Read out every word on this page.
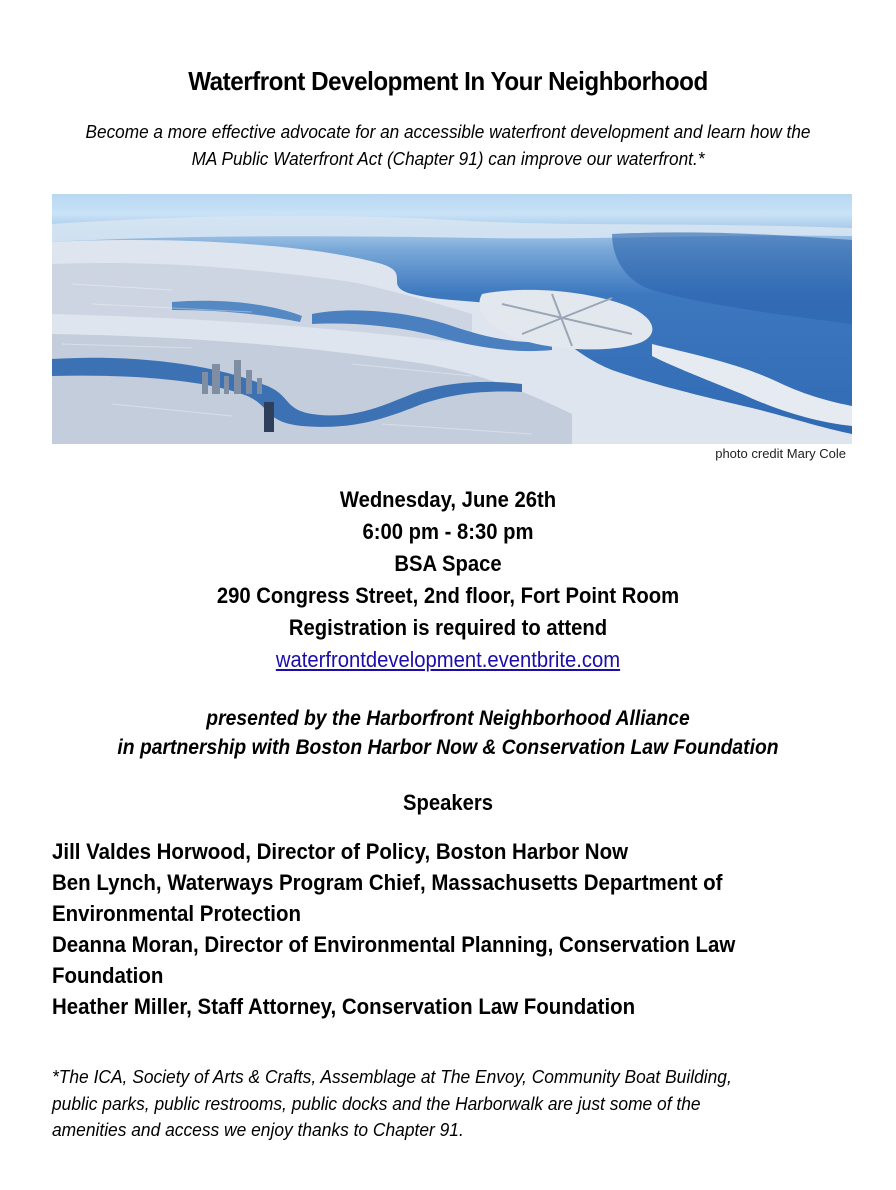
Waterfront Development In Your Neighborhood
Become a more effective advocate for an accessible waterfront development and learn how the
MA Public Waterfront Act (Chapter 91) can improve our waterfront.*
photo credit Mary Cole
Wednesday, June 26th
6:00 pm - 8:30 pm
BSA Space
290 Congress Street, 2nd floor, Fort Point Room
Registration is required to attend
waterfrontdevelopment.eventbrite.com
presented by the Harborfront Neighborhood Alliance
in partnership with Boston Harbor Now & Conservation Law Foundation
Speakers
Jill Valdes Horwood, Director of Policy, Boston Harbor Now
Ben Lynch, Waterways Program Chief, Massachusetts Department of
Environmental Protection
Deanna Moran, Director of Environmental Planning, Conservation Law
Foundation
Heather Miller, Staff Attorney, Conservation Law Foundation
*The ICA, Society of Arts & Crafts, Assemblage at The Envoy, Community Boat Building,
public parks, public restrooms, public docks and the Harborwalk are just some of the
amenities and access we enjoy thanks to Chapter 91.
